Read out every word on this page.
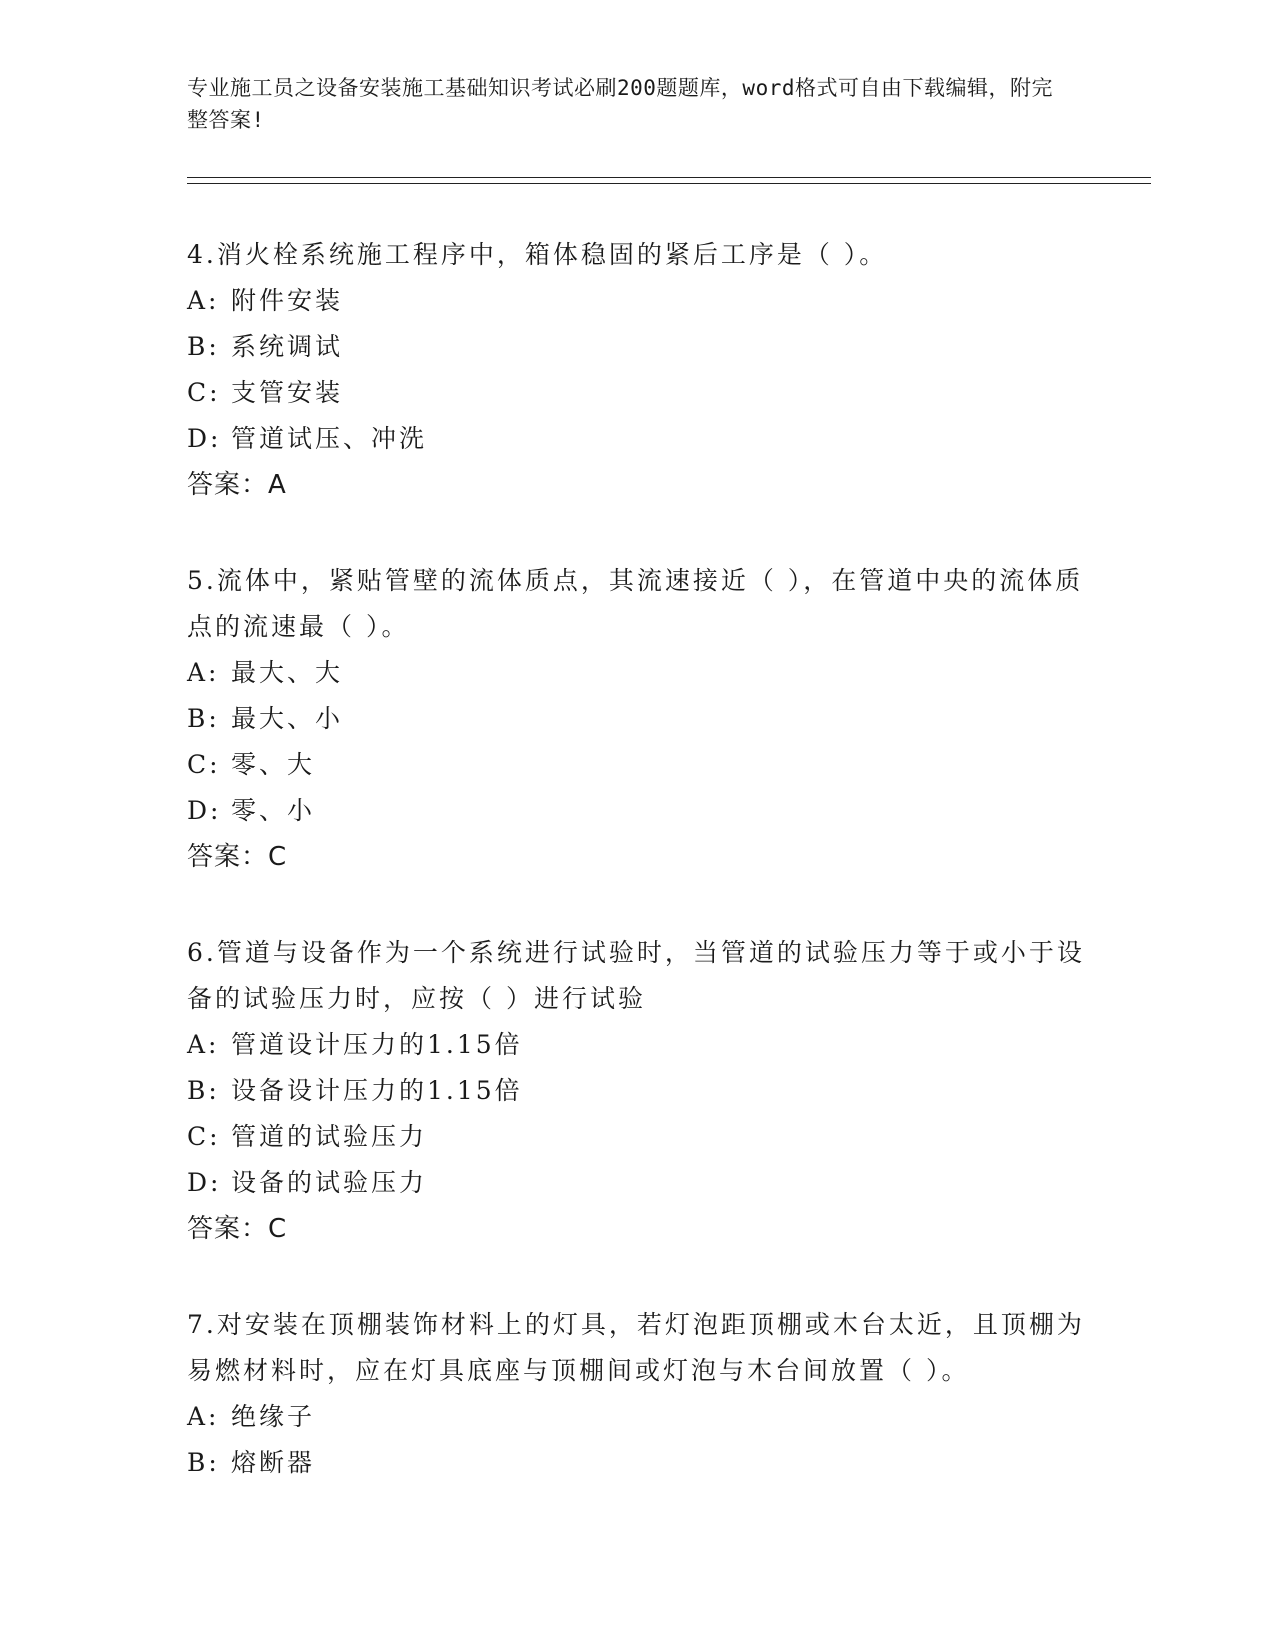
专业施工员之设备安装施工基础知识考试必刷200题题库，word格式可自由下载编辑，附完整答案!
4.消火栓系统施工程序中，箱体稳固的紧后工序是（ ）。
A: 附件安装
B: 系统调试
C: 支管安装
D: 管道试压、冲洗
答案：A
5.流体中，紧贴管壁的流体质点，其流速接近（ ），在管道中央的流体质点的流速最（ ）。
A: 最大、大
B: 最大、小
C: 零、大
D: 零、小
答案：C
6.管道与设备作为一个系统进行试验时，当管道的试验压力等于或小于设备的试验压力时，应按（ ）进行试验
A: 管道设计压力的1.15倍
B: 设备设计压力的1.15倍
C: 管道的试验压力
D: 设备的试验压力
答案：C
7.对安装在顶棚装饰材料上的灯具，若灯泡距顶棚或木台太近，且顶棚为易燃材料时，应在灯具底座与顶棚间或灯泡与木台间放置（ ）。
A: 绝缘子
B: 熔断器
